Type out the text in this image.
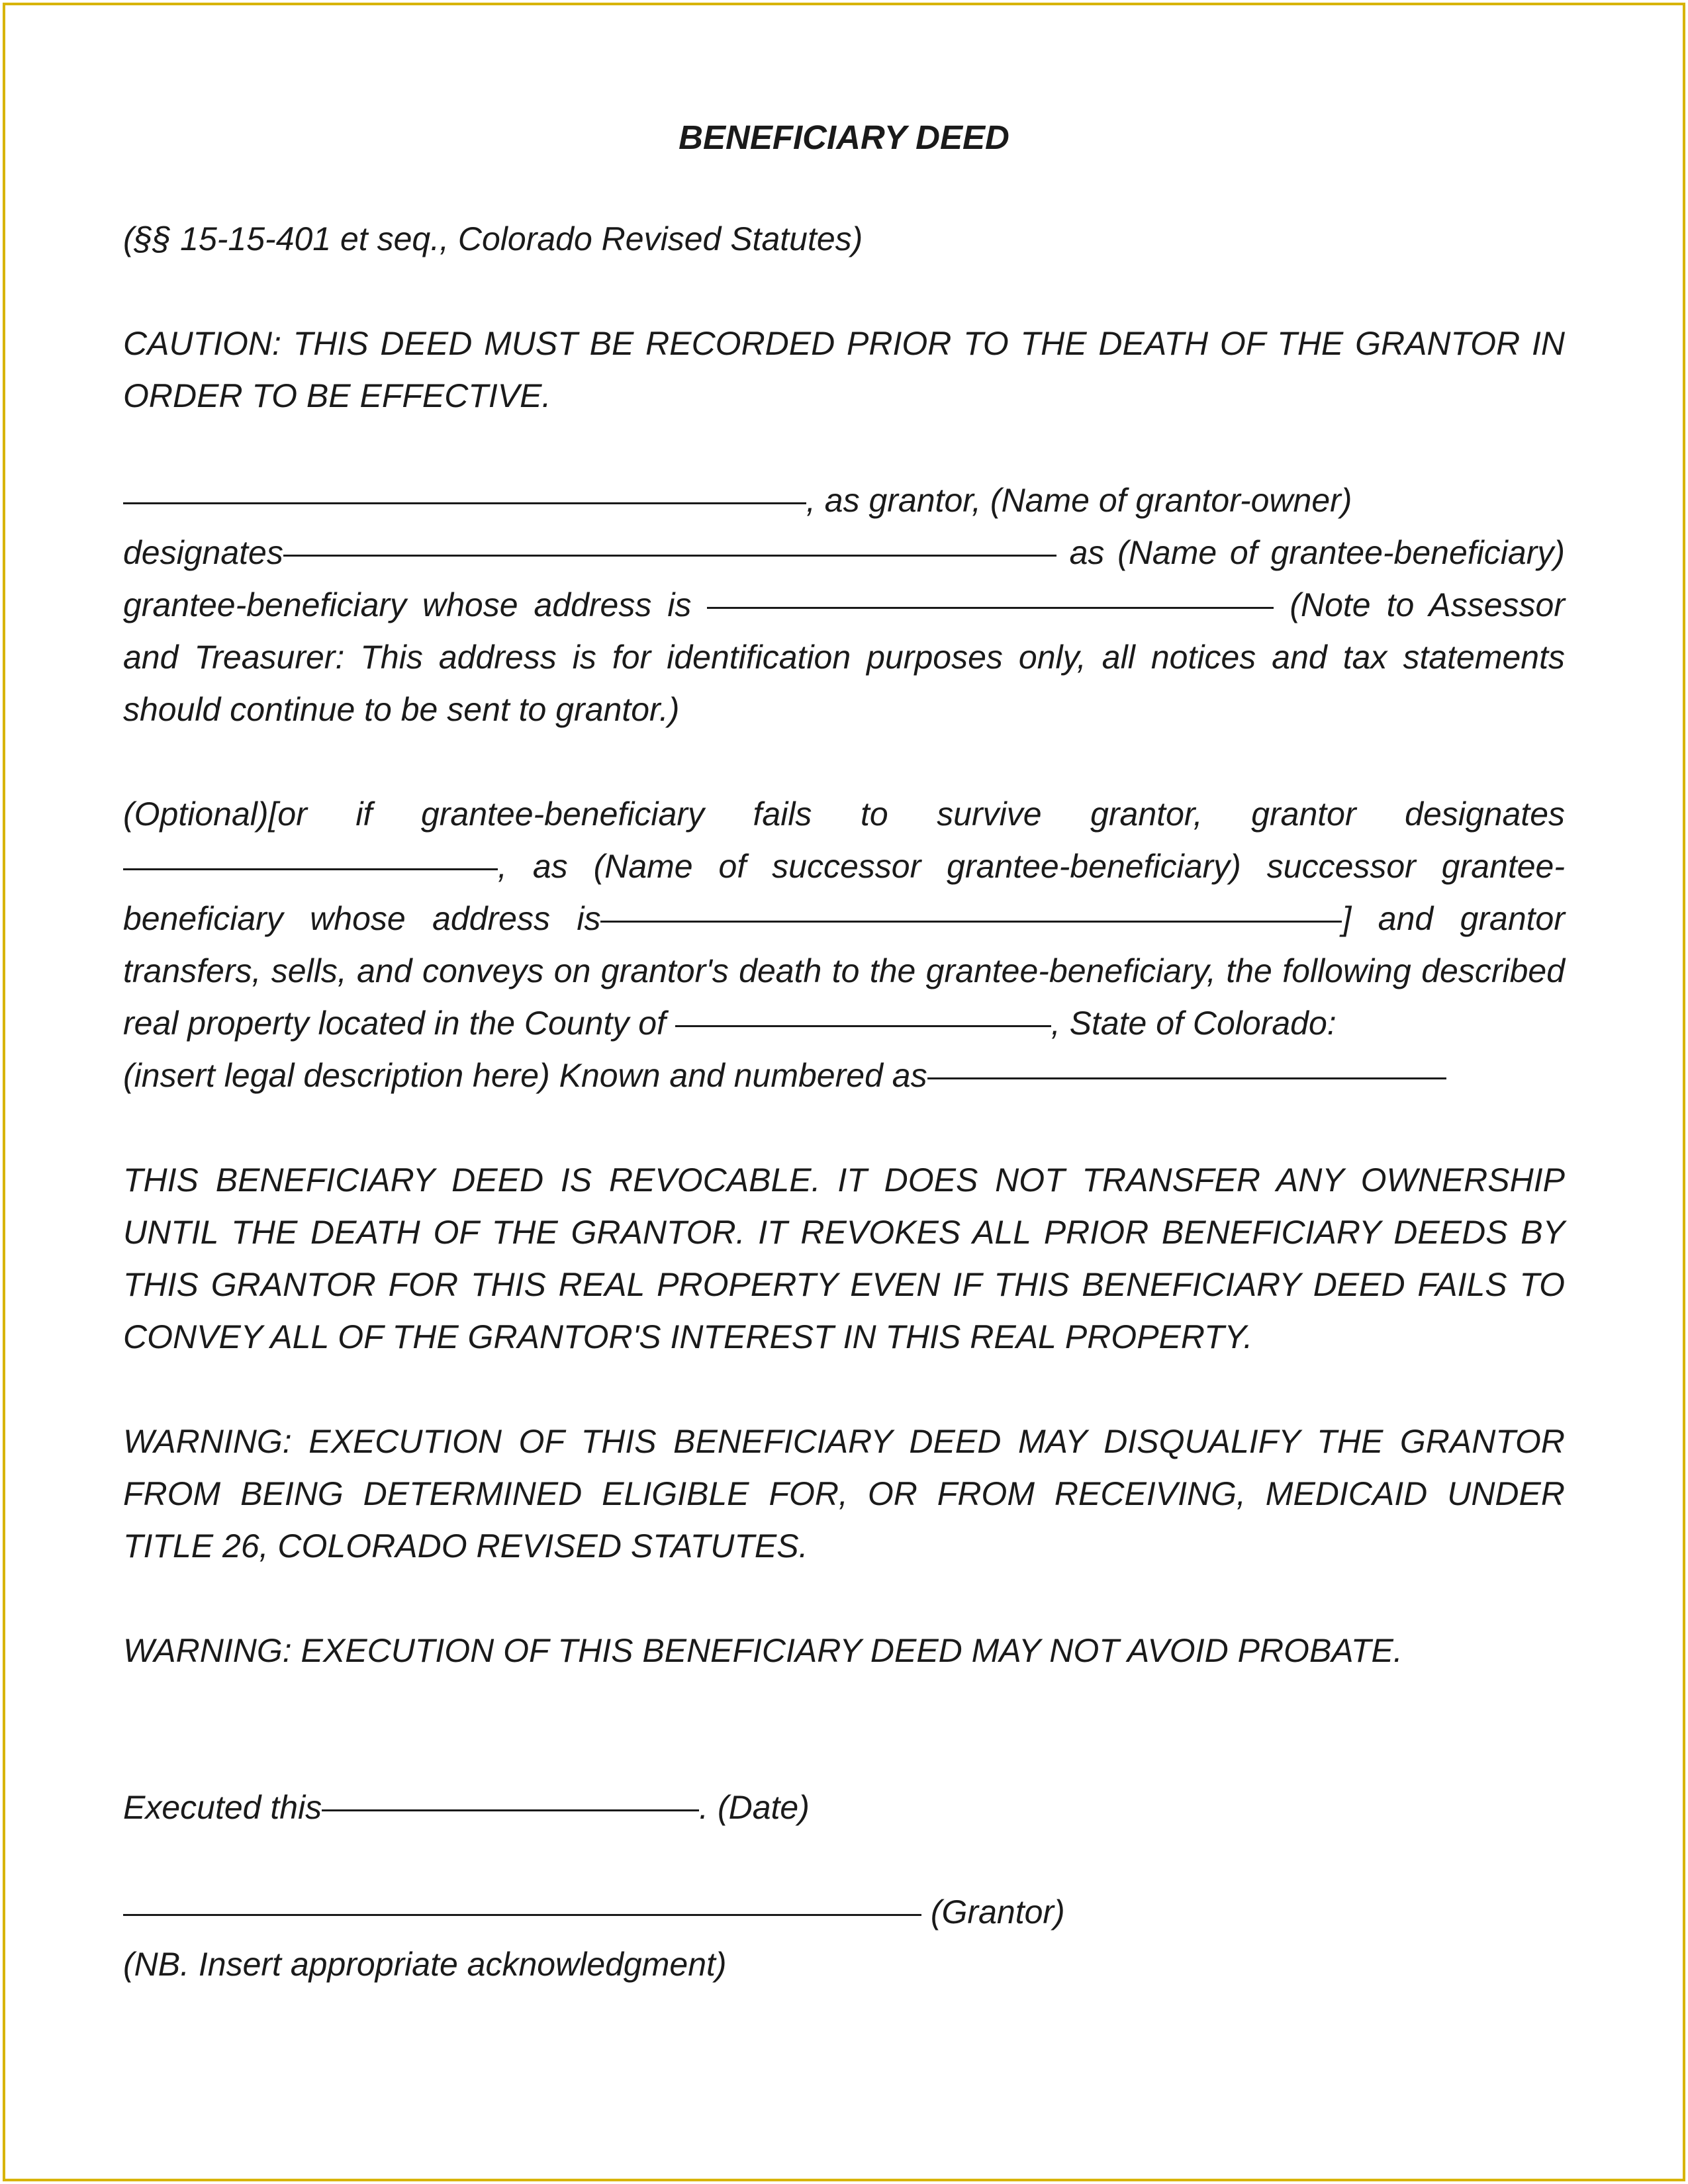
BENEFICIARY DEED

(§§ 15-15-401 et seq., Colorado Revised Statutes)

CAUTION: THIS DEED MUST BE RECORDED PRIOR TO THE DEATH OF THE GRANTOR IN ORDER TO BE EFFECTIVE.

, as grantor, (Name of grantor-owner)
designates	as (Name of grantee-beneficiary) grantee-beneficiary whose address is	(Note to Assessor and Treasurer: This address is for identification purposes only, all notices and tax statements should continue to be sent to grantor.)

(Optional)[or if grantee-beneficiary fails to survive grantor, grantor designates , as (Name of successor grantee-beneficiary) successor grantee-beneficiary whose address is	] and grantor transfers, sells, and conveys on grantor's death to the grantee-beneficiary, the following described real property located in the County of	, State of Colorado:

(insert legal description here) Known and numbered as

THIS BENEFICIARY DEED IS REVOCABLE. IT DOES NOT TRANSFER ANY OWNERSHIP UNTIL THE DEATH OF THE GRANTOR. IT REVOKES ALL PRIOR BENEFICIARY DEEDS BY THIS GRANTOR FOR THIS REAL PROPERTY EVEN IF THIS BENEFICIARY DEED FAILS TO CONVEY ALL OF THE GRANTOR'S INTEREST IN THIS REAL PROPERTY.

WARNING: EXECUTION OF THIS BENEFICIARY DEED MAY DISQUALIFY THE GRANTOR FROM BEING DETERMINED ELIGIBLE FOR, OR FROM RECEIVING, MEDICAID UNDER TITLE 26, COLORADO REVISED STATUTES.

WARNING: EXECUTION OF THIS BENEFICIARY DEED MAY NOT AVOID PROBATE.

Executed this	. (Date)

(Grantor)

(NB. Insert appropriate acknowledgment)
